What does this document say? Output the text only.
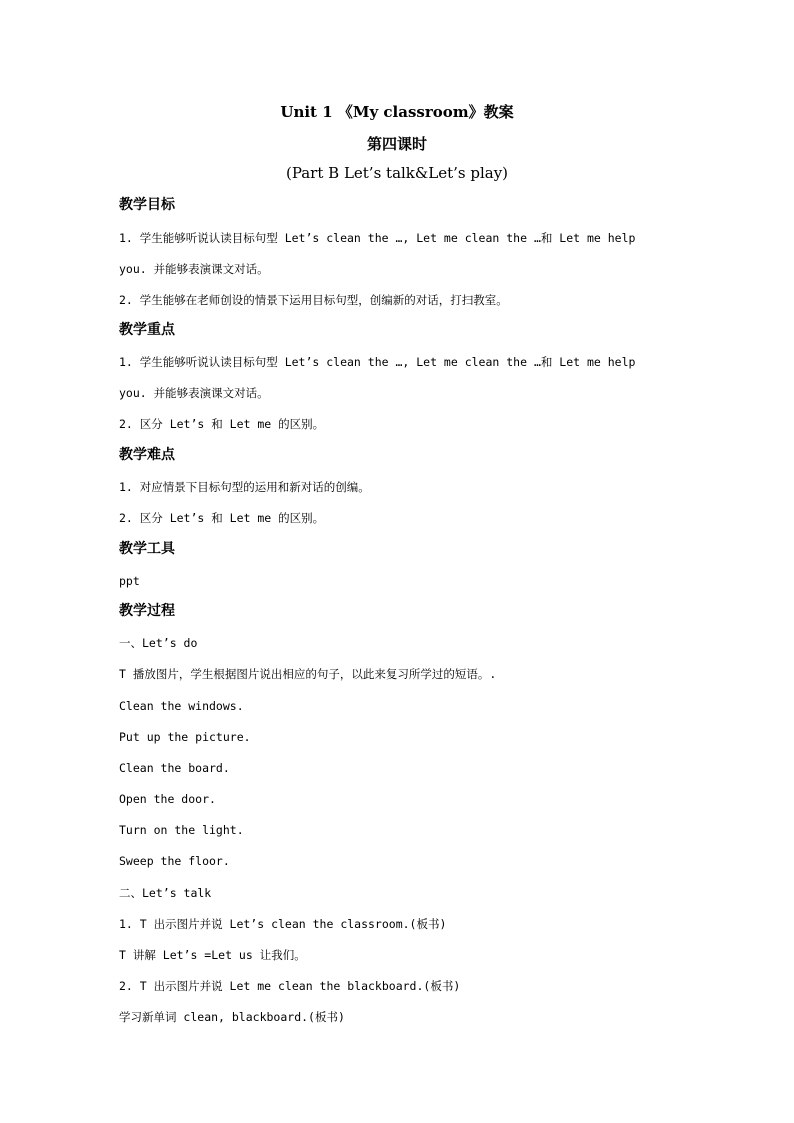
Unit 1 《My classroom》教案
第四课时
(Part B Let’s talk&Let’s play)
教学目标
1. 学生能够听说认读目标句型 Let’s clean the …, Let me clean the …和 Let me help
you. 并能够表演课文对话。
2. 学生能够在老师创设的情景下运用目标句型，创编新的对话，打扫教室。
教学重点
1. 学生能够听说认读目标句型 Let’s clean the …, Let me clean the …和 Let me help
you. 并能够表演课文对话。
2. 区分 Let’s 和 Let me 的区别。
教学难点
1. 对应情景下目标句型的运用和新对话的创编。
2. 区分 Let’s 和 Let me 的区别。
教学工具
ppt
教学过程
一、Let’s do
T 播放图片，学生根据图片说出相应的句子，以此来复习所学过的短语。.
Clean the windows.
Put up the picture.
Clean the board.
Open the door.
Turn on the light.
Sweep the floor.
二、Let’s talk
1. T 出示图片并说 Let’s clean the classroom.(板书)
T 讲解 Let’s =Let us 让我们。
2. T 出示图片并说 Let me clean the blackboard.(板书)
学习新单词 clean, blackboard.(板书)
